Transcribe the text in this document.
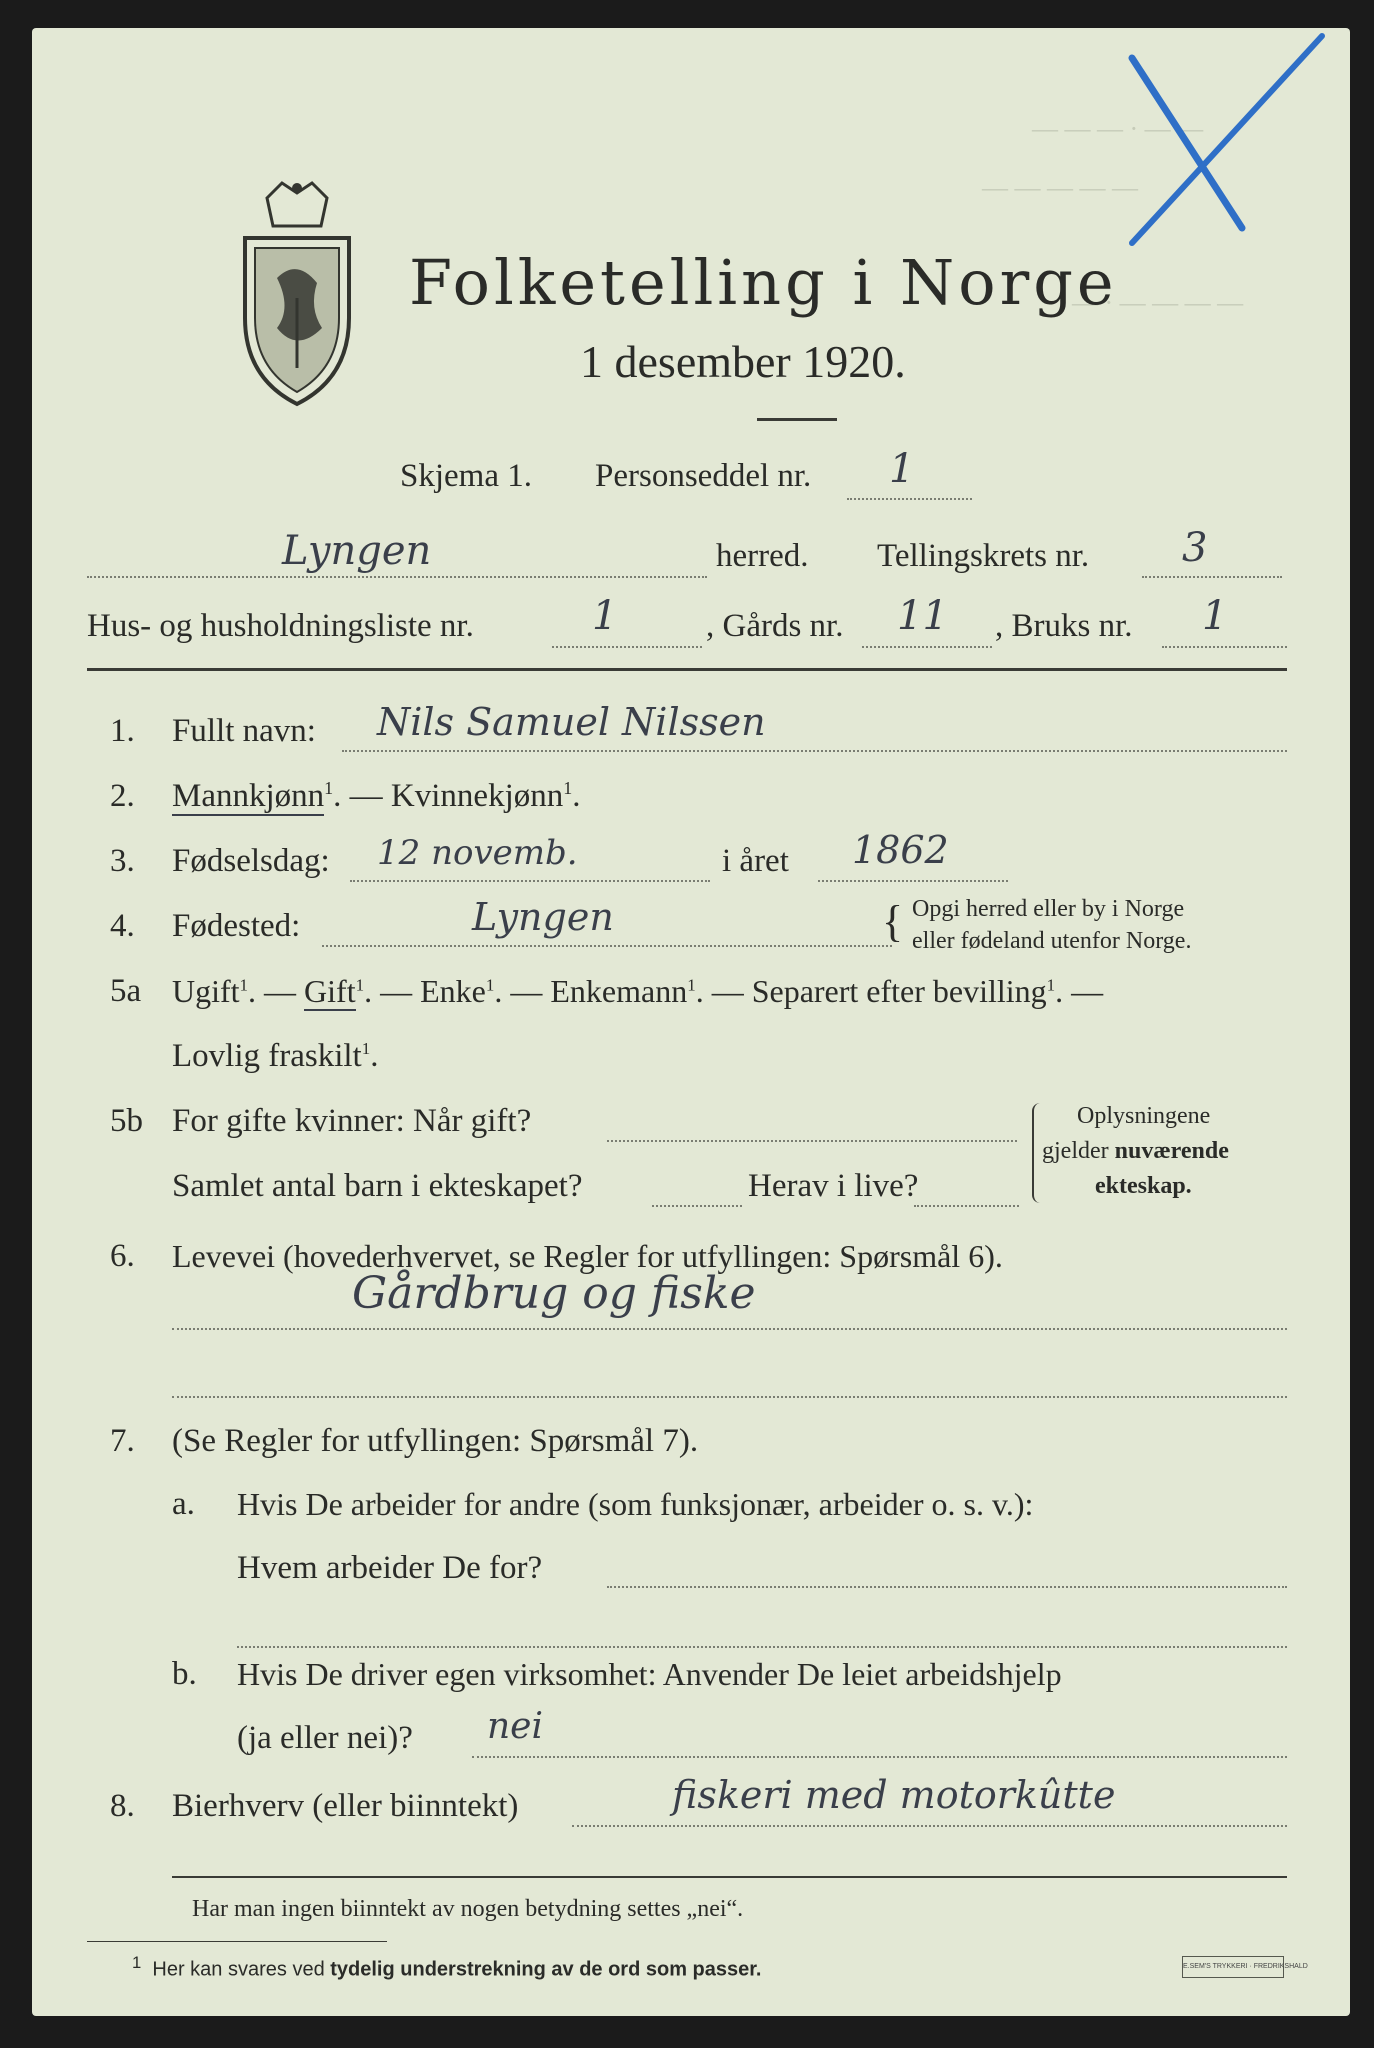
— — — · — —
— — — — —
— · — — — —
Folketelling i Norge
1 desember 1920.
Skjema 1. Personseddel nr. 1
Lyngen	herred. Tellingskrets nr. 3
Hus- og husholdningsliste nr.	1	, Gårds nr. 11 , Bruks nr. 1
1. Fullt navn: Nils Samuel Nilssen
2. Mannkjønn$^1$. — Kvinnekjønn$^1$.
3. Fødselsdag: 12 novemb.	i året 1862
4. Fødested:	Lyngen	{ Opgi herred eller by i Norge
eller fødeland utenfor Norge.
5a Ugift$^1$. — Gift$^1$. — Enke$^1$. — Enkemann$^1$. — Separert efter bevilling$^1$. —
Lovlig fraskilt$^1$.
5b For gifte kvinner: Når gift?
Samlet antal barn i ekteskapet?	Herav i live?
Oplysningene
gjelder nuværende
ekteskap.
6. Levevei (hovederhvervet, se Regler for utfyllingen: Spørsmål 6).
Gårdbrug og fiske
7. (Se Regler for utfyllingen: Spørsmål 7).
a. Hvis De arbeider for andre (som funksjonær, arbeider o. s. v.):
Hvem arbeider De for?
b. Hvis De driver egen virksomhet: Anvender De leiet arbeidshjelp
(ja eller nei)? nei
8. Bierhverv (eller biinntekt)	fiskeri med motorkûtte
Har man ingen biinntekt av nogen betydning settes „nei“.
$^1$ Her kan svares ved tydelig understrekning av de ord som passer.	E.SEM'S TRYKKERI · FREDRIKSHALD
